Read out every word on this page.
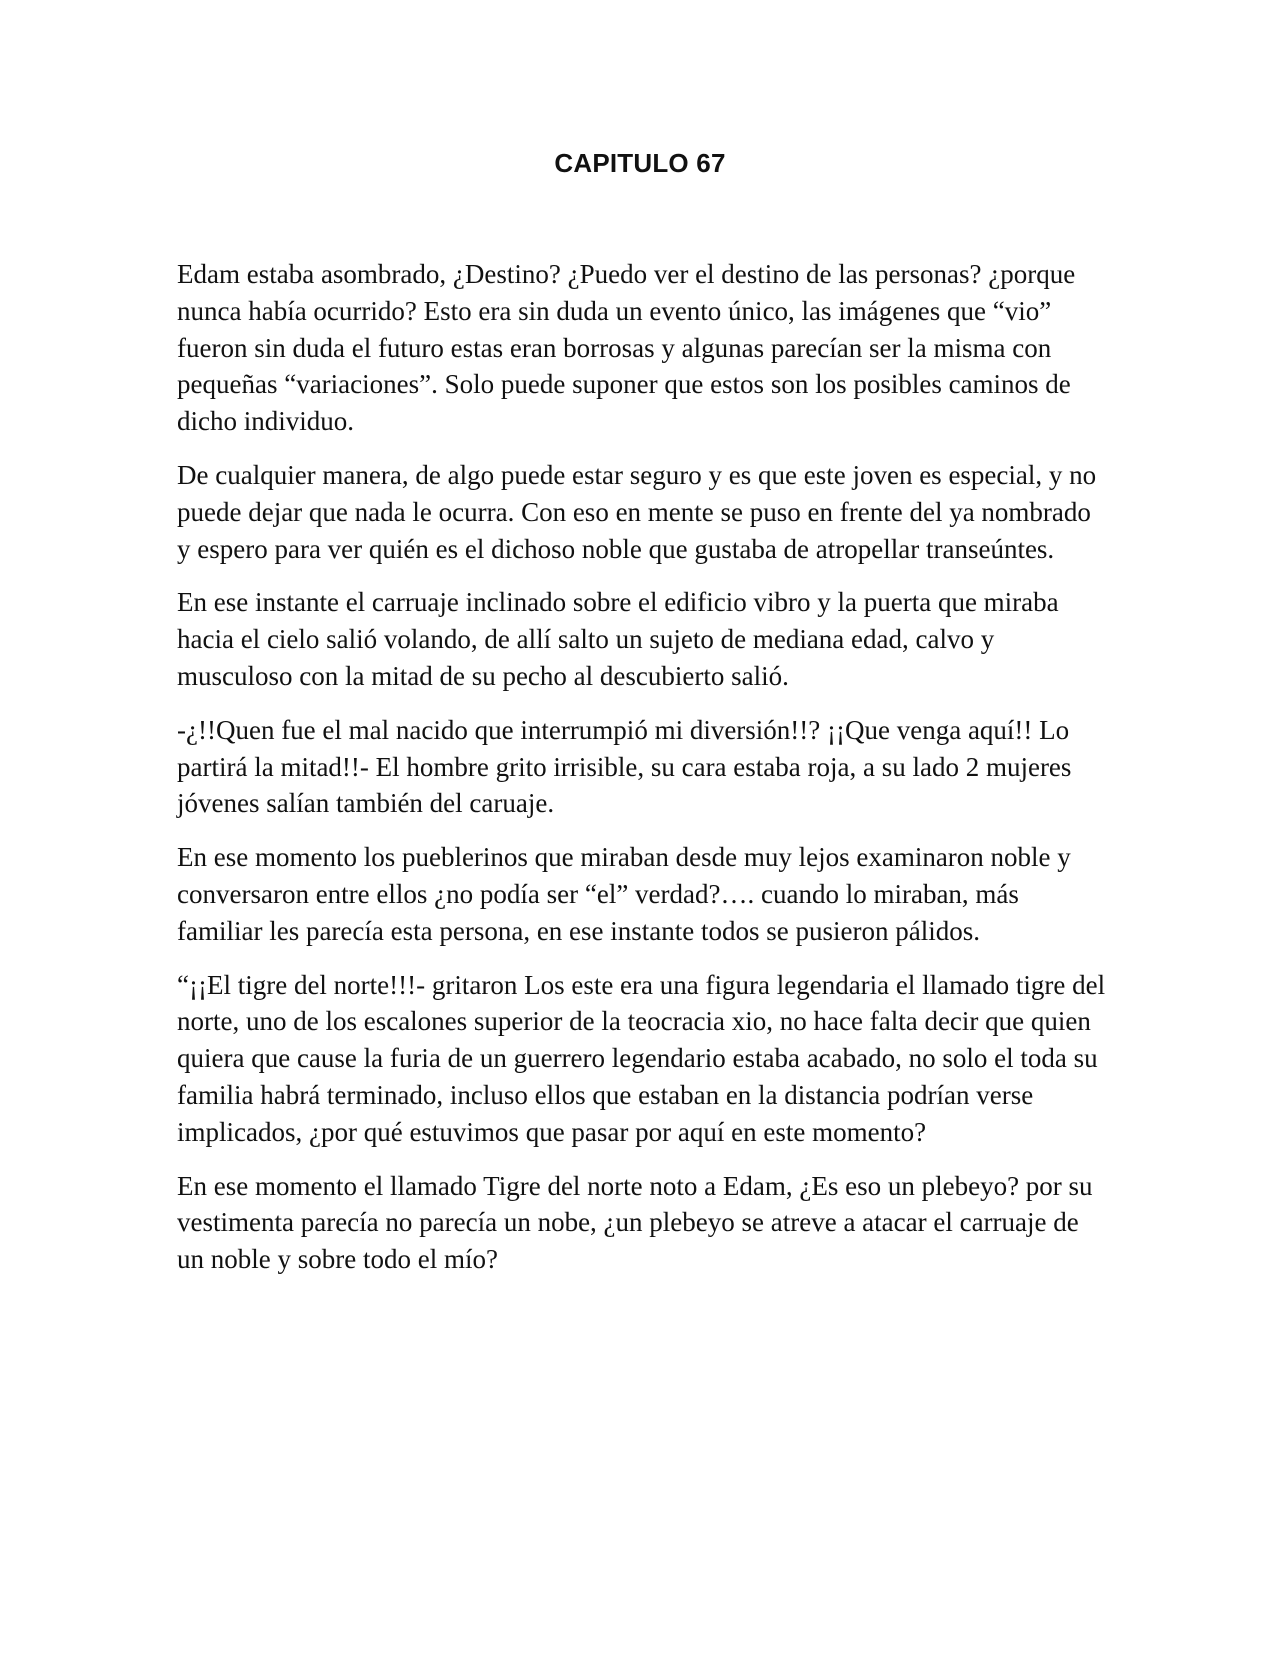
CAPITULO 67

Edam estaba asombrado, ¿Destino? ¿Puedo ver el destino de las personas? ¿porque nunca había ocurrido? Esto era sin duda un evento único, las imágenes que “vio” fueron sin duda el futuro estas eran borrosas y algunas parecían ser la misma con pequeñas “variaciones”. Solo puede suponer que estos son los posibles caminos de dicho individuo.

De cualquier manera, de algo puede estar seguro y es que este joven es especial, y no puede dejar que nada le ocurra. Con eso en mente se puso en frente del ya nombrado y espero para ver quién es el dichoso noble que gustaba de atropellar transeúntes.

En ese instante el carruaje inclinado sobre el edificio vibro y la puerta que miraba hacia el cielo salió volando, de allí salto un sujeto de mediana edad, calvo y musculoso con la mitad de su pecho al descubierto salió.

-¿!!Quen fue el mal nacido que interrumpió mi diversión!!? ¡¡Que venga aquí!! Lo partirá la mitad!!- El hombre grito irrisible, su cara estaba roja, a su lado 2 mujeres jóvenes salían también del caruaje.

En ese momento los pueblerinos que miraban desde muy lejos examinaron noble y conversaron entre ellos ¿no podía ser “el” verdad?…. cuando lo miraban, más familiar les parecía esta persona, en ese instante todos se pusieron pálidos.

“¡¡El tigre del norte!!!- gritaron Los este era una figura legendaria el llamado tigre del norte, uno de los escalones superior de la teocracia xio, no hace falta decir que quien quiera que cause la furia de un guerrero legendario estaba acabado, no solo el toda su familia habrá terminado, incluso ellos que estaban en la distancia podrían verse implicados, ¿por qué estuvimos que pasar por aquí en este momento?

En ese momento el llamado Tigre del norte noto a Edam, ¿Es eso un plebeyo? por su vestimenta parecía no parecía un nobe, ¿un plebeyo se atreve a atacar el carruaje de un noble y sobre todo el mío?
